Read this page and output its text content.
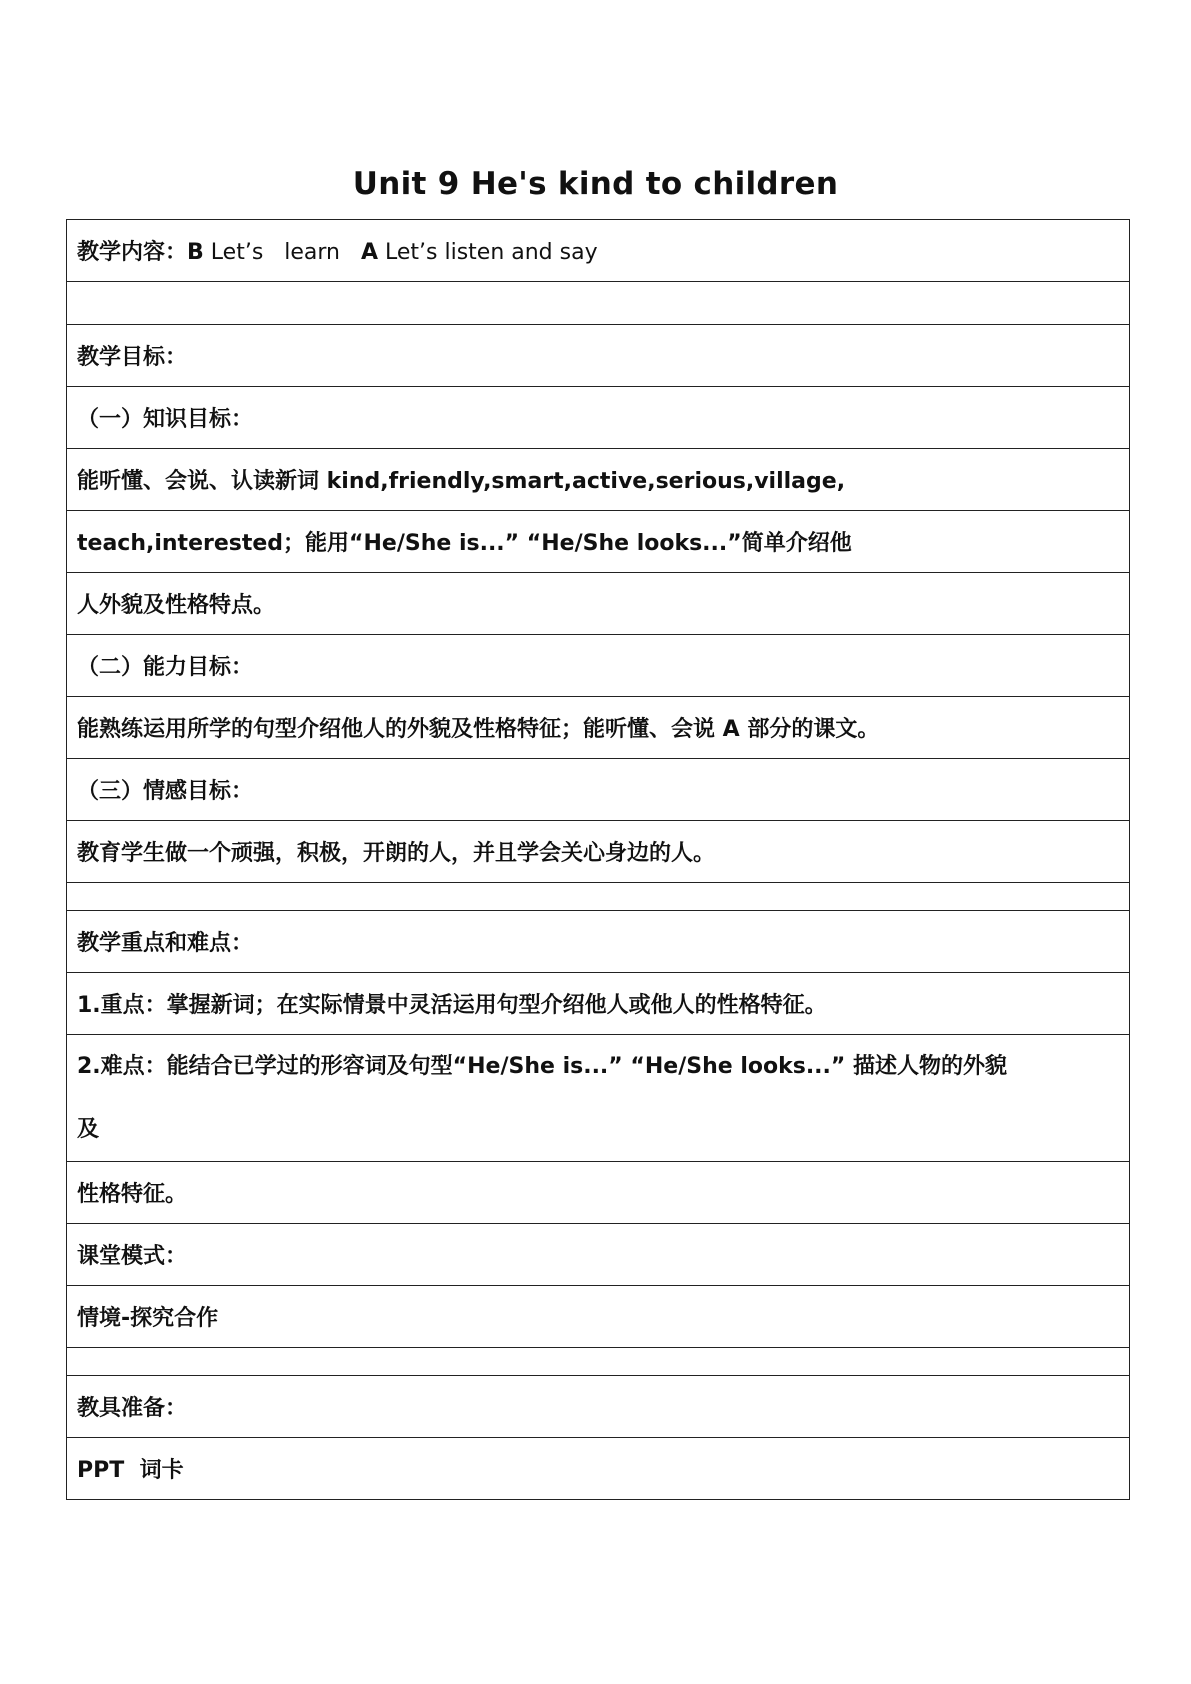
Unit 9 He's kind to children
教学内容：B Let’s   learn   A Let’s listen and say

教学目标：
（一）知识目标：
能听懂、会说、认读新词 kind,friendly,smart,active,serious,village,
teach,interested；能用“He/She is...” “He/She looks...”简单介绍他
人外貌及性格特点。
（二）能力目标：
能熟练运用所学的句型介绍他人的外貌及性格特征；能听懂、会说 A 部分的课文。
（三）情感目标：
教育学生做一个顽强，积极，开朗的人，并且学会关心身边的人。

教学重点和难点：
1.重点：掌握新词；在实际情景中灵活运用句型介绍他人或他人的性格特征。

2.难点：能结合已学过的形容词及句型“He/She is...” “He/She looks...” 描述人物的外貌
及

性格特征。
课堂模式：
情境-探究合作

教具准备：
PPT  词卡
